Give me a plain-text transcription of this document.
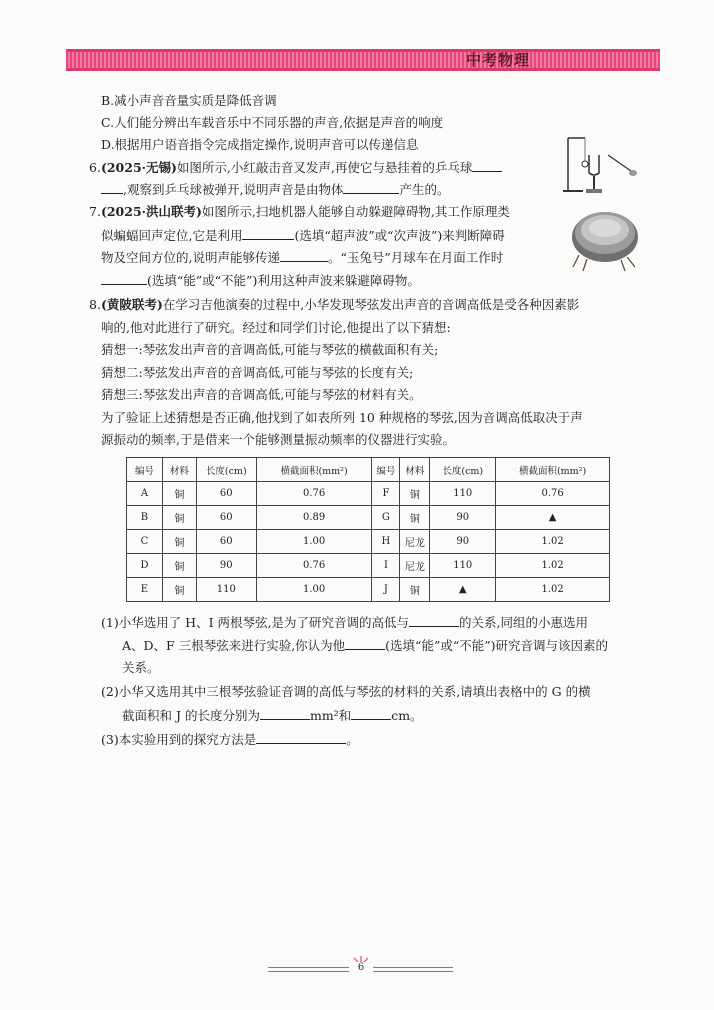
中考物理
B.减小声音音量实质是降低音调
C.人们能分辨出车载音乐中不同乐器的声音,依据是声音的响度
D.根据用户语音指令完成指定操作,说明声音可以传递信息
6.(2025·无锡)如图所示,小红敲击音叉发声,再使它与悬挂着的乒乓球
,观察到乒乓球被弹开,说明声音是由物体	产生的。
7.(2025·洪山联考)如图所示,扫地机器人能够自动躲避障碍物,其工作原理类
似蝙蝠回声定位,它是利用	(选填“超声波”或“次声波”)来判断障碍
物及空间方位的,说明声能够传递	。“玉兔号”月球车在月面工作时
(选填“能”或“不能”)利用这种声波来躲避障碍物。
8.(黄陂联考)在学习吉他演奏的过程中,小华发现琴弦发出声音的音调高低是受各种因素影
响的,他对此进行了研究。经过和同学们讨论,他提出了以下猜想:
猜想一:琴弦发出声音的音调高低,可能与琴弦的横截面积有关;
猜想二:琴弦发出声音的音调高低,可能与琴弦的长度有关;
猜想三:琴弦发出声音的音调高低,可能与琴弦的材料有关。
为了验证上述猜想是否正确,他找到了如表所列 10 种规格的琴弦,因为音调高低取决于声
源振动的频率,于是借来一个能够测量振动频率的仪器进行实验。
编号	材料	长度(cm)	横截面积(mm²)	编号	材料	长度(cm)	横截面积(mm²)
A	铜	60	0.76	F	铜	110	0.76
B	铜	60	0.89	G	铜	90	▲
C	铜	60	1.00	H	尼龙	90	1.02
D	铜	90	0.76	I	尼龙	110	1.02
E	铜	110	1.00	J	铜	▲	1.02
(1)小华选用了 H、I 两根琴弦,是为了研究音调的高低与	的关系,同组的小惠选用
A、D、F 三根琴弦来进行实验,你认为他	(选填“能”或“不能”)研究音调与该因素的
关系。
(2)小华又选用其中三根琴弦验证音调的高低与琴弦的材料的关系,请填出表格中的 G 的横
截面积和 J 的长度分别为	mm²和	cm。
(3)本实验用到的探究方法是	。
6
